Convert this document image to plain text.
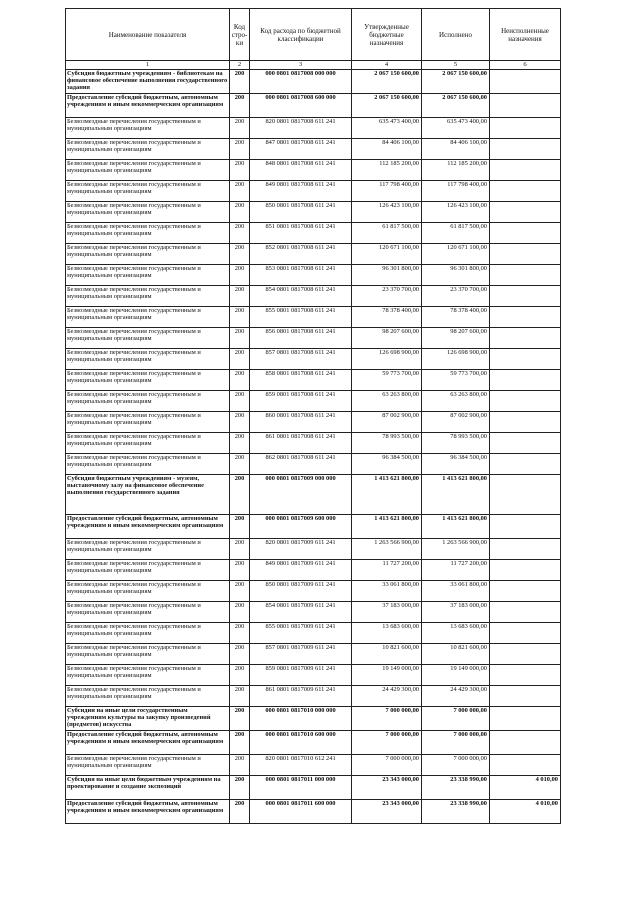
Наименование показателя	Код стро-ки	Код расхода по бюджетной классификации	Утвержденные бюджетные назначения	Исполнено	Неисполненные назначения
1	2	3	4	5	6
Субсидия бюджетным учреждениям - библиотекам на финансовое обеспечение выполнения государственного задания	200	000 0801 0817008 000 000	2 067 150 600,00	2 067 150 600,00	
Предоставление субсидий бюджетным, автономным учреждениям и иным некоммерческим организациям	200	000 0801 0817008 600 000	2 067 150 600,00	2 067 150 600,00	
Безвозмездные перечисления государственным и муниципальным организациям	200	820 0801 0817008 611 241	635 473 400,00	635 473 400,00	
Безвозмездные перечисления государственным и муниципальным организациям	200	847 0801 0817008 611 241	84 406 100,00	84 406 100,00	
Безвозмездные перечисления государственным и муниципальным организациям	200	848 0801 0817008 611 241	112 185 200,00	112 185 200,00	
Безвозмездные перечисления государственным и муниципальным организациям	200	849 0801 0817008 611 241	117 798 400,00	117 798 400,00	
Безвозмездные перечисления государственным и муниципальным организациям	200	850 0801 0817008 611 241	126 423 100,00	126 423 100,00	
Безвозмездные перечисления государственным и муниципальным организациям	200	851 0801 0817008 611 241	61 817 500,00	61 817 500,00	
Безвозмездные перечисления государственным и муниципальным организациям	200	852 0801 0817008 611 241	120 671 100,00	120 671 100,00	
Безвозмездные перечисления государственным и муниципальным организациям	200	853 0801 0817008 611 241	96 301 800,00	96 301 800,00	
Безвозмездные перечисления государственным и муниципальным организациям	200	854 0801 0817008 611 241	23 370 700,00	23 370 700,00	
Безвозмездные перечисления государственным и муниципальным организациям	200	855 0801 0817008 611 241	78 378 400,00	78 378 400,00	
Безвозмездные перечисления государственным и муниципальным организациям	200	856 0801 0817008 611 241	98 207 600,00	98 207 600,00	
Безвозмездные перечисления государственным и муниципальным организациям	200	857 0801 0817008 611 241	126 698 900,00	126 698 900,00	
Безвозмездные перечисления государственным и муниципальным организациям	200	858 0801 0817008 611 241	59 773 700,00	59 773 700,00	
Безвозмездные перечисления государственным и муниципальным организациям	200	859 0801 0817008 611 241	63 263 800,00	63 263 800,00	
Безвозмездные перечисления государственным и муниципальным организациям	200	860 0801 0817008 611 241	87 002 900,00	87 002 900,00	
Безвозмездные перечисления государственным и муниципальным организациям	200	861 0801 0817008 611 241	78 993 500,00	78 993 500,00	
Безвозмездные перечисления государственным и муниципальным организациям	200	862 0801 0817008 611 241	96 384 500,00	96 384 500,00	
Субсидия бюджетным учреждениям - музеям, выставочному залу на финансовое обеспечение выполнения государственного задания	200	000 0801 0817009 000 000	1 413 621 800,00	1 413 621 800,00	
Предоставление субсидий бюджетным, автономным учреждениям и иным некоммерческим организациям	200	000 0801 0817009 600 000	1 413 621 800,00	1 413 621 800,00	
Безвозмездные перечисления государственным и муниципальным организациям	200	820 0801 0817009 611 241	1 263 566 900,00	1 263 566 900,00	
Безвозмездные перечисления государственным и муниципальным организациям	200	849 0801 0817009 611 241	11 727 200,00	11 727 200,00	
Безвозмездные перечисления государственным и муниципальным организациям	200	850 0801 0817009 611 241	33 061 800,00	33 061 800,00	
Безвозмездные перечисления государственным и муниципальным организациям	200	854 0801 0817009 611 241	37 183 000,00	37 183 000,00	
Безвозмездные перечисления государственным и муниципальным организациям	200	855 0801 0817009 611 241	13 683 600,00	13 683 600,00	
Безвозмездные перечисления государственным и муниципальным организациям	200	857 0801 0817009 611 241	10 821 600,00	10 821 600,00	
Безвозмездные перечисления государственным и муниципальным организациям	200	859 0801 0817009 611 241	19 149 000,00	19 149 000,00	
Безвозмездные перечисления государственным и муниципальным организациям	200	861 0801 0817009 611 241	24 429 300,00	24 429 300,00	
Субсидии на иные цели государственным учреждениям культуры на закупку произведений (предметов) искусства	200	000 0801 0817010 000 000	7 000 000,00	7 000 000,00	
Предоставление субсидий бюджетным, автономным учреждениям и иным некоммерческим организациям	200	000 0801 0817010 600 000	7 000 000,00	7 000 000,00	
Безвозмездные перечисления государственным и муниципальным организациям	200	820 0801 0817010 612 241	7 000 000,00	7 000 000,00	
Субсидия на иные цели бюджетным учреждениям на проектирование и создание экспозиций	200	000 0801 0817011 000 000	23 343 000,00	23 338 990,00	4 010,00
Предоставление субсидий бюджетным, автономным учреждениям и иным некоммерческим организациям	200	000 0801 0817011 600 000	23 343 000,00	23 338 990,00	4 010,00
